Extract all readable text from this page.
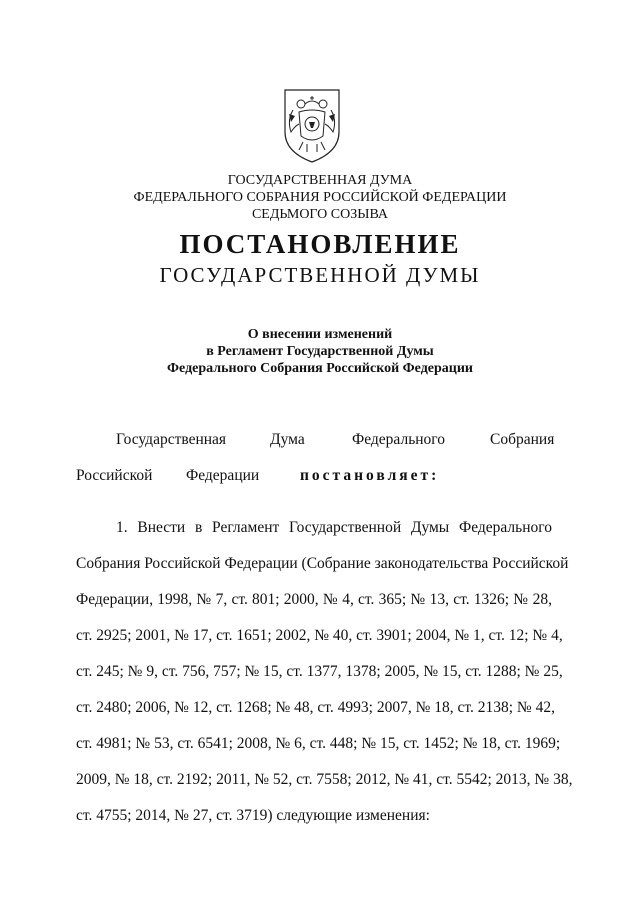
ГОСУДАРСТВЕННАЯ ДУМА
ФЕДЕРАЛЬНОГО СОБРАНИЯ РОССИЙСКОЙ ФЕДЕРАЦИИ
СЕДЬМОГО СОЗЫВА
ПОСТАНОВЛЕНИЕ
ГОСУДАРСТВЕННОЙ ДУМЫ
О внесении изменений
в Регламент Государственной Думы
Федерального Собрания Российской Федерации
Государственная	Дума	Федерального	Собрания
Российской Федерации	постановляет:
1. Внести в Регламент Государственной Думы Федерального
Собрания Российской Федерации (Собрание законодательства Российской
Федерации, 1998, № 7, ст. 801; 2000, № 4, ст. 365; № 13, ст. 1326; № 28,
ст. 2925; 2001, № 17, ст. 1651; 2002, № 40, ст. 3901; 2004, № 1, ст. 12; № 4,
ст. 245; № 9, ст. 756, 757; № 15, ст. 1377, 1378; 2005, № 15, ст. 1288; № 25,
ст. 2480; 2006, № 12, ст. 1268; № 48, ст. 4993; 2007, № 18, ст. 2138; № 42,
ст. 4981; № 53, ст. 6541; 2008, № 6, ст. 448; № 15, ст. 1452; № 18, ст. 1969;
2009, № 18, ст. 2192; 2011, № 52, ст. 7558; 2012, № 41, ст. 5542; 2013, № 38,
ст. 4755; 2014, № 27, ст. 3719) следующие изменения:
